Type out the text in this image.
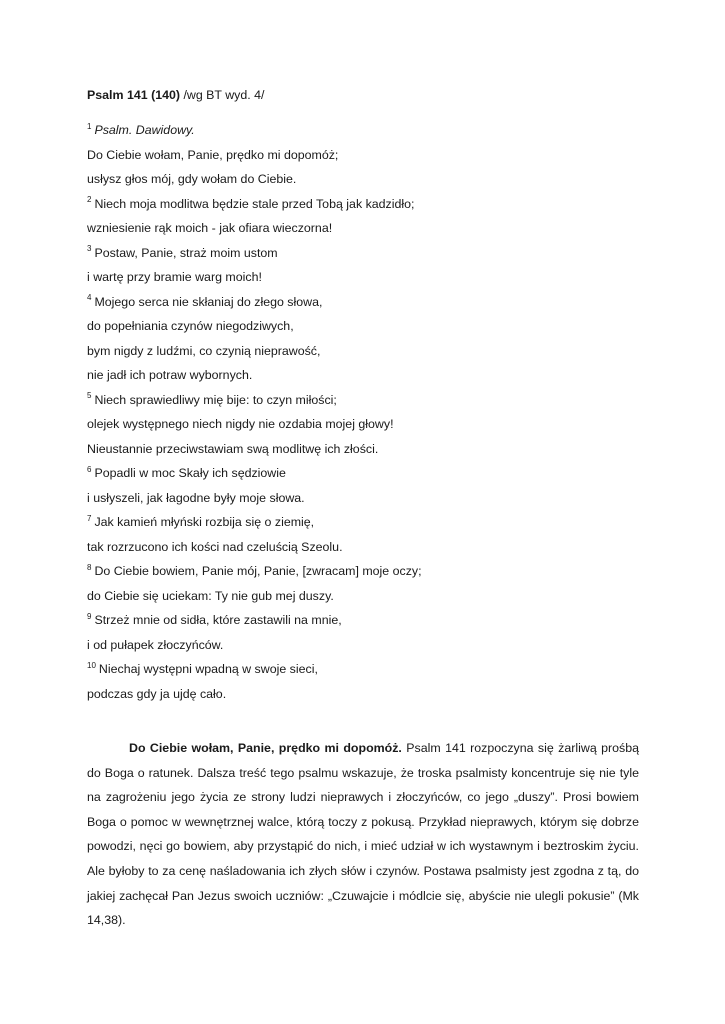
Psalm 141 (140) /wg BT wyd. 4/
$^1$ Psalm. Dawidowy.
Do Ciebie wołam, Panie, prędko mi dopomóż;
usłysz głos mój, gdy wołam do Ciebie.
$^2$ Niech moja modlitwa będzie stale przed Tobą jak kadzidło;
wzniesienie rąk moich - jak ofiara wieczorna!
$^3$ Postaw, Panie, straż moim ustom
i wartę przy bramie warg moich!
$^4$ Mojego serca nie skłaniaj do złego słowa,
do popełniania czynów niegodziwych,
bym nigdy z ludźmi, co czynią nieprawość,
nie jadł ich potraw wybornych.
$^5$ Niech sprawiedliwy mię bije: to czyn miłości;
olejek występnego niech nigdy nie ozdabia mojej głowy!
Nieustannie przeciwstawiam swą modlitwę ich złości.
$^6$ Popadli w moc Skały ich sędziowie
i usłyszeli, jak łagodne były moje słowa.
$^7$ Jak kamień młyński rozbija się o ziemię,
tak rozrzucono ich kości nad czeluścią Szeolu.
$^8$ Do Ciebie bowiem, Panie mój, Panie, [zwracam] moje oczy;
do Ciebie się uciekam: Ty nie gub mej duszy.
$^9$ Strzeż mnie od sidła, które zastawili na mnie,
i od pułapek złoczyńców.
$^{10}$ Niechaj występni wpadną w swoje sieci,
podczas gdy ja ujdę cało.

Do Ciebie wołam, Panie, prędko mi dopomóż. Psalm 141 rozpoczyna się żarliwą prośbą do Boga o ratunek. Dalsza treść tego psalmu wskazuje, że troska psalmisty koncentruje się nie tyle na zagrożeniu jego życia ze strony ludzi nieprawych i złoczyńców, co jego „duszy”. Prosi bowiem Boga o pomoc w wewnętrznej walce, którą toczy z pokusą. Przykład nieprawych, którym się dobrze powodzi, nęci go bowiem, aby przystąpić do nich, i mieć udział w ich wystawnym i beztroskim życiu. Ale byłoby to za cenę naśladowania ich złych słów i czynów. Postawa psalmisty jest zgodna z tą, do jakiej zachęcał Pan Jezus swoich uczniów: „Czuwajcie i módlcie się, abyście nie ulegli pokusie” (Mk 14,38).
